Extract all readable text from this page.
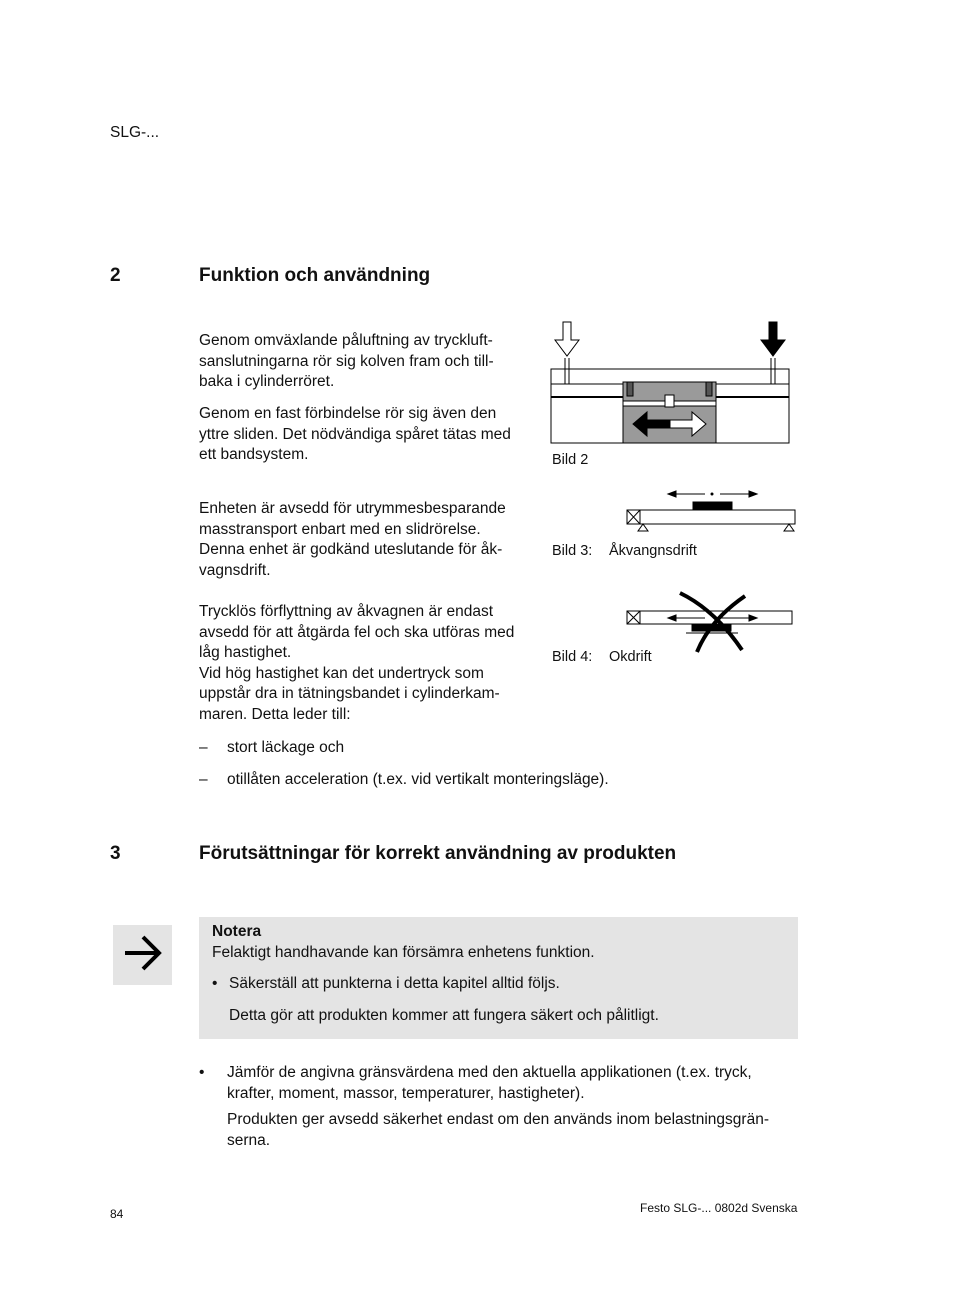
SLG-...
2	Funktion och användning
Genom omväxlande påluftning av tryckluft-
sanslutningarna rör sig kolven fram och till-
baka i cylinderröret.
Genom en fast förbindelse rör sig även den
yttre sliden. Det nödvändiga spåret tätas med
ett bandsystem.
Enheten är avsedd för utrymmesbesparande
masstransport enbart med en slidrörelse.
Denna enhet är godkänd uteslutande för åk-
vagnsdrift.
Trycklös förflyttning av åkvagnen är endast
avsedd för att åtgärda fel och ska utföras med
låg hastighet.
Vid hög hastighet kan det undertryck som
uppstår dra in tätningsbandet i cylinderkam-
maren. Detta leder till:
– stort läckage och
– otillåten acceleration (t.ex. vid vertikalt monteringsläge).
Bild 2
Bild 3: Åkvangnsdrift
Bild 4: Okdrift
3	Förutsättningar för korrekt användning av produkten
Notera
Felaktigt handhavande kan försämra enhetens funktion.
• Säkerställ att punkterna i detta kapitel alltid följs.
Detta gör att produkten kommer att fungera säkert och pålitligt.
• Jämför de angivna gränsvärdena med den aktuella applikationen (t.ex. tryck,
krafter, moment, massor, temperaturer, hastigheter).
Produkten ger avsedd säkerhet endast om den används inom belastningsgrän-
serna.
84	Festo SLG-... 0802d Svenska
